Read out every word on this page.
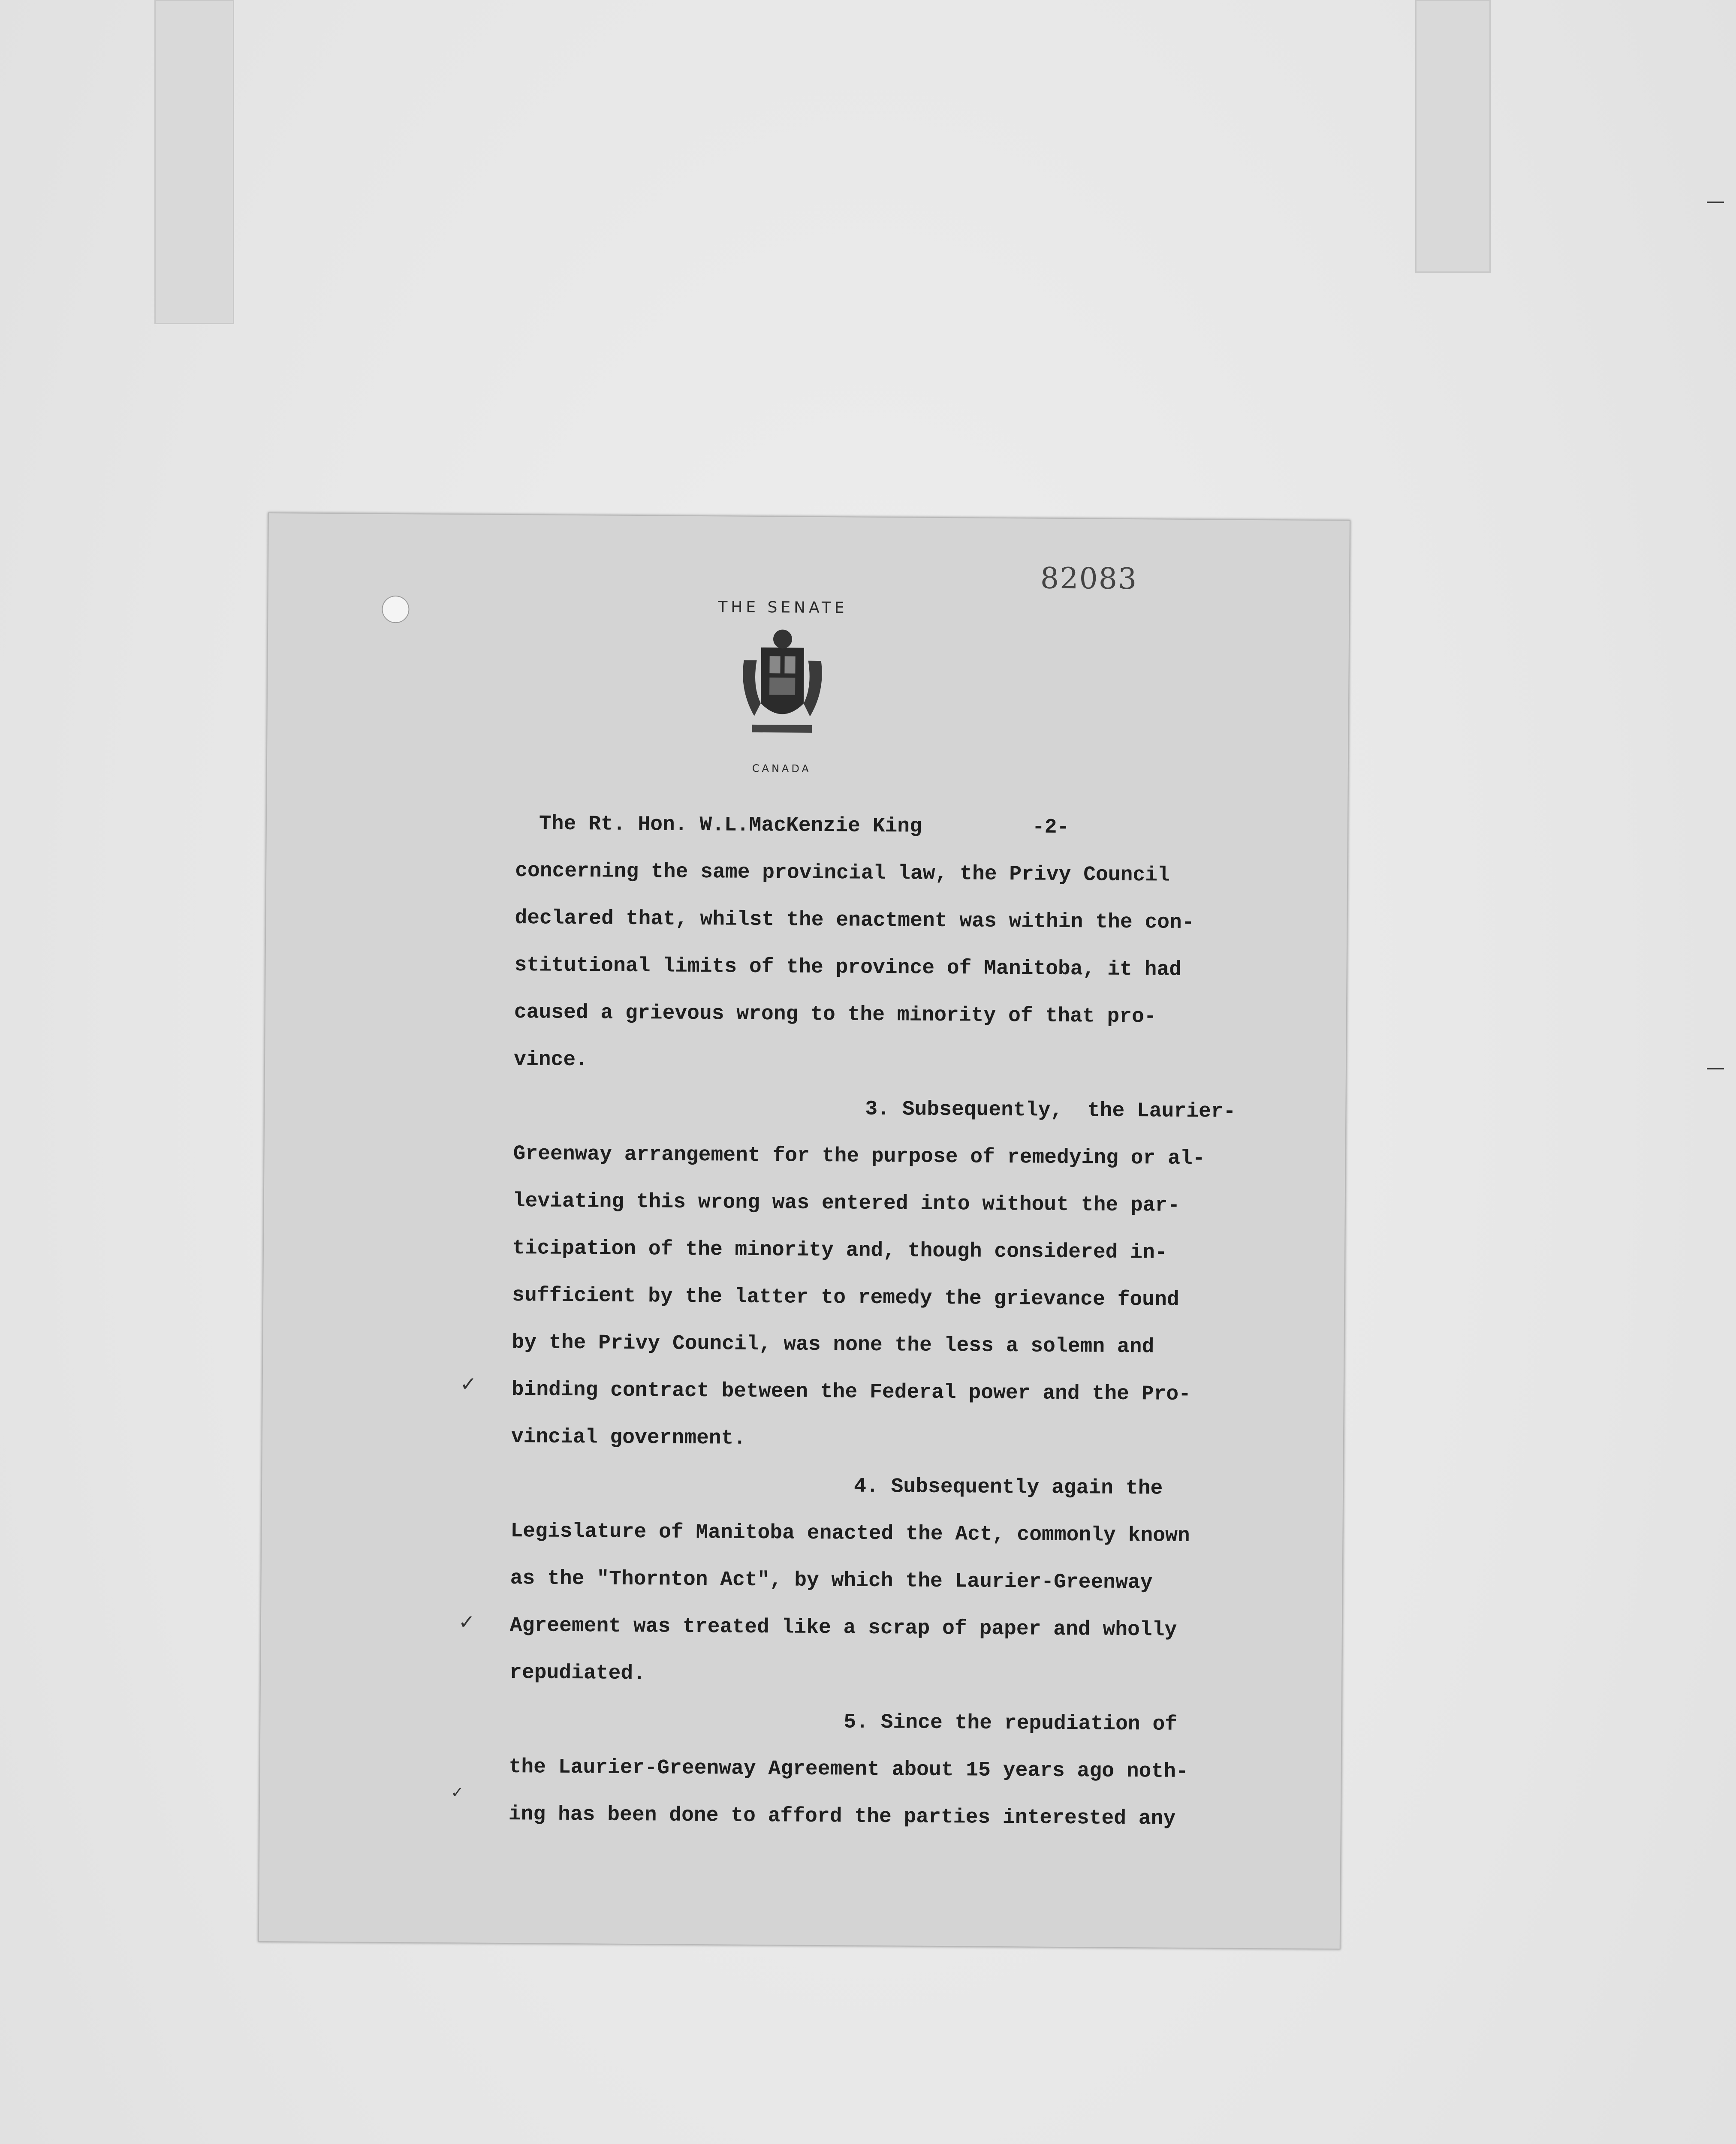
82083
THE SENATE
CANADA
The Rt. Hon. W.L.MacKenzie King	-2-
concerning the same provincial law, the Privy Council
declared that, whilst the enactment was within the con-
stitutional limits of the province of Manitoba, it had
caused a grievous wrong to the minority of that pro-
vince.
3. Subsequently,  the Laurier-
Greenway arrangement for the purpose of remedying or al-
leviating this wrong was entered into without the par-
ticipation of the minority and, though considered in-
sufficient by the latter to remedy the grievance found
by the Privy Council, was none the less a solemn and
binding contract between the Federal power and the Pro-
vincial government.
4. Subsequently again the
Legislature of Manitoba enacted the Act, commonly known
as the "Thornton Act", by which the Laurier-Greenway
Agreement was treated like a scrap of paper and wholly
repudiated.
5. Since the repudiation of
the Laurier-Greenway Agreement about 15 years ago noth-
ing has been done to afford the parties interested any
✓
✓
✓
